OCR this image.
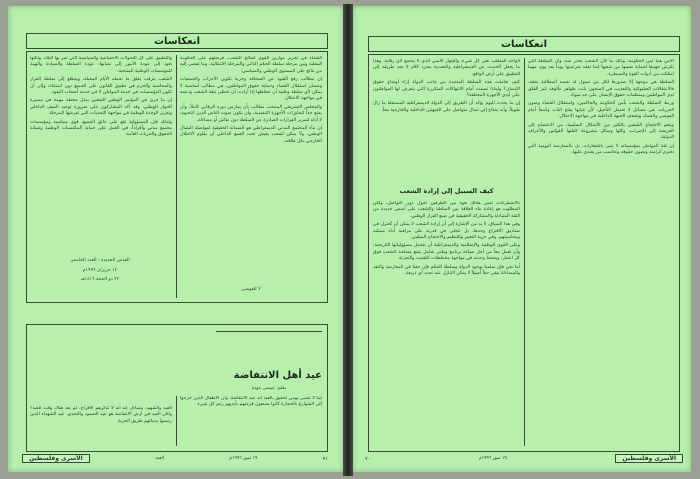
انعكاسات

القضاء في تحرير موازين القوى لصالح الشعب، فرضتهم على الحكومة المعلنة وبين مرحلة سلطة الحكم الذاتي والمرحلة الانتقالية، وما تفضي إليه من نتائج على المستوى الوطني والسياسي.

إن مطالب رفع القيود عن الصحافة وحرية تكوين الأحزاب والجمعيات وضمان استقلال القضاء وحماية حقوق المواطنين، هي مطالب أساسية لا يمكن لأي سلطة وطنية أن تتجاهلها إذا أرادت أن تحظى بثقة الشعب ودعمه في مواجهة الاحتلال.

والمجلس التشريعي المنتخب مطالب بأن يمارس دوره الرقابي كاملاً، وأن يضع حداً لتجاوزات الأجهزة التنفيذية، وأن يكون صوت الناس الذين انتخبوه، لا أداة لتمرير القرارات الصادرة عن السلطة دون نقاش أو مساءلة.

إن بناء المجتمع المدني الديمقراطي هو الضمانة الحقيقية لمواصلة النضال الوطني، ولا يمكن لشعب يعيش تحت القمع الداخلي أن يقاوم الاحتلال الخارجي بكل طاقته.

لا للفوضى

والتطبيق على كل التحولات الاجتماعية والسياسية التي تمر بها البلاد، ولكنها تعود إلى عودة الأمور إلى نصابها: عودة السلطة والسيادة والهيبة للمؤسسات الوطنية المنتخبة.

الشعب يترقب بقلق ما تحمله الأيام المقبلة، ويتطلع إلى سلطة القرار والمحاسبة والحزم في تطبيق القانون على الجميع دون استثناء، وإلى أن تكون المؤسسات في خدمة المواطن لا في خدمة أصحاب النفوذ.

إن ما جرى في المؤتمر الوطني الشعبي يمثل محطة مهمة في مسيرة الحوار الوطني، وقد أكد المشاركون على ضرورة توحيد الصف الداخلي وتعزيز الوحدة الوطنية في مواجهة التحديات التي تفرضها المرحلة.

ولذلك فإن المسؤولية تقع على عاتق الجميع، قوى سياسية ومؤسسات مجتمع مدني وأفراداً، في العمل على حماية المكتسبات الوطنية وصيانة الحقوق والحريات العامة.

القدس الجديدة - العدد الخامس
١٢ حزيران ١٩٩٦م
٢٢ ذو الحجة ١٤١٦هـ
عيد أهل الانتفاضة
بقلم: عيسى عودة

لينا لا تنسى يومي تحقيق بالعيد أنه عيد الانتفاضة، وأن الأطفال الذين خرجوا إلى الشوارع بالحجارة كانوا يصنعون فرحتهم بأيديهم رغم كل شيء.

العيد والشهيد، يتساءل إنه أنه لا تذكرهم الأفراح، لم يعد هناك وقت للعيد؟ ولكن العيد في أرض الانتفاضة هو عيد الصمود والتحدي، عيد الشهداء الذين رسموا بدمائهم طريق الحرية.

٧١
١٩ تموز ١٩٩٦م
العدد
الأسرى وفلسطين
انعكاسات

الأمن هما أمن الحكومة، وذلك ما كان الشعب يحذر منه، وأن السلطة التي تكرس جهدها لحماية نفسها من شعبها إنما تفقد شرعيتها يوماً بعد يوم، مهما امتلكت من أدوات القوة والسيطرة.

السلطة هي موجهة إلا صدورها لكل من تسول له نفسه المطالبة بحقه، فالاعتقالات العشوائية والتعذيب في السجون باتت ظواهر مألوفة تثير القلق لدى المواطنين ومنظمات حقوق الإنسان على حد سواء.

وربط السلطة والشعب بأمن الحكومة والحاكمين، واستقلال القضاء وصون الحريات، هي مسائل لا تحتمل التأجيل، لأن غيابها يفتح الباب واسعاً أمام الفوضى والفساد ويضعف الجبهة الداخلية في مواجهة الاحتلال.

وينعم الاحتجاج الشعبي بالكثير من الأشكال السلمية، من الاعتصام إلى العريضة إلى الإضراب، وكلها وسائل مشروعة كفلتها القوانين والأعراف الدولية.

إن ثقة المواطن بمؤسساته لا تبنى بالشعارات، بل بالممارسة اليومية التي تحترم كرامته وتصون حقوقه وتحاسب من يعتدي عليها.

الواحد المتغلب على كل شيء، والجهاز الأمني الذي لا يخضع لأي رقابة، وهذا ما يجعل الحديث عن الديمقراطية والتعددية مجرد كلام لا يجد طريقه إلى التطبيق على أرض الواقع.

كيف تعاملت هذه السلطة المتحدة من جانب الدولة إزاء أوضاع حقوق الإنسان؟ ولماذا تصمت أمام الانتهاكات المتكررة التي يتعرض لها المواطنون على أيدي الأجهزة المختلفة؟

إن ما يحدث اليوم يؤكد أن الطريق إلى الدولة الديمقراطية المستقلة ما زال طويلاً، وأنه يحتاج إلى نضال متواصل على الجبهتين الداخلية والخارجية معاً.

كيف السبيل إلى إرادة الشعب

بالاضطرابات ليس هنالك هوة بين الطرفين تحول دون التواصل، ولكن المطلوب هو إعادة بناء العلاقة بين السلطة والشعب على أسس جديدة من الثقة المتبادلة والمشاركة الحقيقية في صنع القرار الوطني.

وفي هذا السياق، لا بد من الإشارة إلى أن إرادة الشعب لا يمكن أن تُختزل في صناديق الاقتراع وحدها، بل تتجلى في قدرته على مراقبة أداء ممثليه ومحاسبتهم، وفي حرية التعبير والتنظيم والاحتجاج السلمي.

وعلى القوى الوطنية والإسلامية والديمقراطية أن تتحمل مسؤولياتها التاريخية، وأن تعمل معاً من أجل صياغة برنامج وطني شامل يضع مصلحة الشعب فوق كل اعتبار، ويحفظ وحدته في مواجهة مخططات التفتيت والتجزئة.

أما نحن فإن سلمنا بوجود الدولة وسلطة الحكم فإن حقنا في المعارضة والنقد والمساءلة يبقى حقاً أصيلاً لا يمكن التنازل عنه تحت أي ذريعة.

الأسرى وفلسطين
١٩ تموز ١٩٩٦م
٧٠
